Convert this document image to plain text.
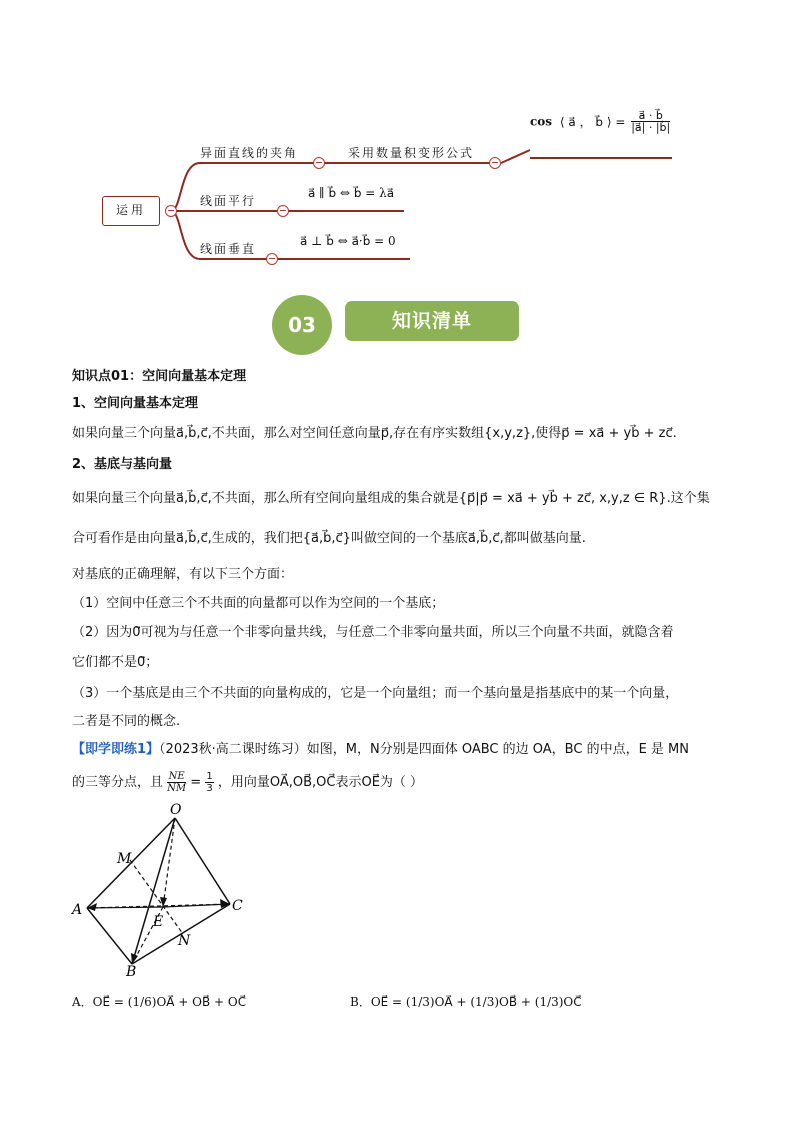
运用
异面直线的夹角	采用数量积变形公式
cos ⟨ a⃗ ， b⃗ ⟩ = $\frac{a⃗ \cdot b⃗}{|a⃗| \cdot |b⃗|}$
线面平行
a⃗ ∥ b⃗ ⇔ b⃗ = λa⃗
线面垂直
a⃗ ⊥ b⃗ ⇔ a⃗·b⃗ = 0
03	知识清单

知识点01：空间向量基本定理

1、空间向量基本定理

如果向量三个向量a⃗,b⃗,c⃗,不共面，那么对空间任意向量p⃗,存在有序实数组{x,y,z},使得p⃗ = xa⃗ + yb⃗ + zc⃗.

2、基底与基向量

如果向量三个向量a⃗,b⃗,c⃗,不共面，那么所有空间向量组成的集合就是{p⃗|p⃗ = xa⃗ + yb⃗ + zc⃗, x,y,z ∈ R}.这个集

合可看作是由向量a⃗,b⃗,c⃗,生成的，我们把{a⃗,b⃗,c⃗}叫做空间的一个基底a⃗,b⃗,c⃗,都叫做基向量.

对基底的正确理解，有以下三个方面：

（1）空间中任意三个不共面的向量都可以作为空间的一个基底；

（2）因为0⃗可视为与任意一个非零向量共线，与任意二个非零向量共面，所以三个向量不共面，就隐含着

它们都不是0⃗；

（3）一个基底是由三个不共面的向量构成的，它是一个向量组；而一个基向量是指基底中的某一个向量，

二者是不同的概念.

【即学即练1】（2023秋·高二课时练习）如图，M，N分别是四面体 OABC 的边 OA，BC 的中点，E 是 MN

的三等分点，且 $\frac{NE}{NM} = \frac{1}{3}$ ，用向量OA⃗,OB⃗,OC⃗表示OE⃗为（ ）

O
M
A
E
C
N
B
A．OE⃗ = (1/6)OA⃗ + OB⃗ + OC⃗	B．OE⃗ = (1/3)OA⃗ + (1/3)OB⃗ + (1/3)OC⃗
